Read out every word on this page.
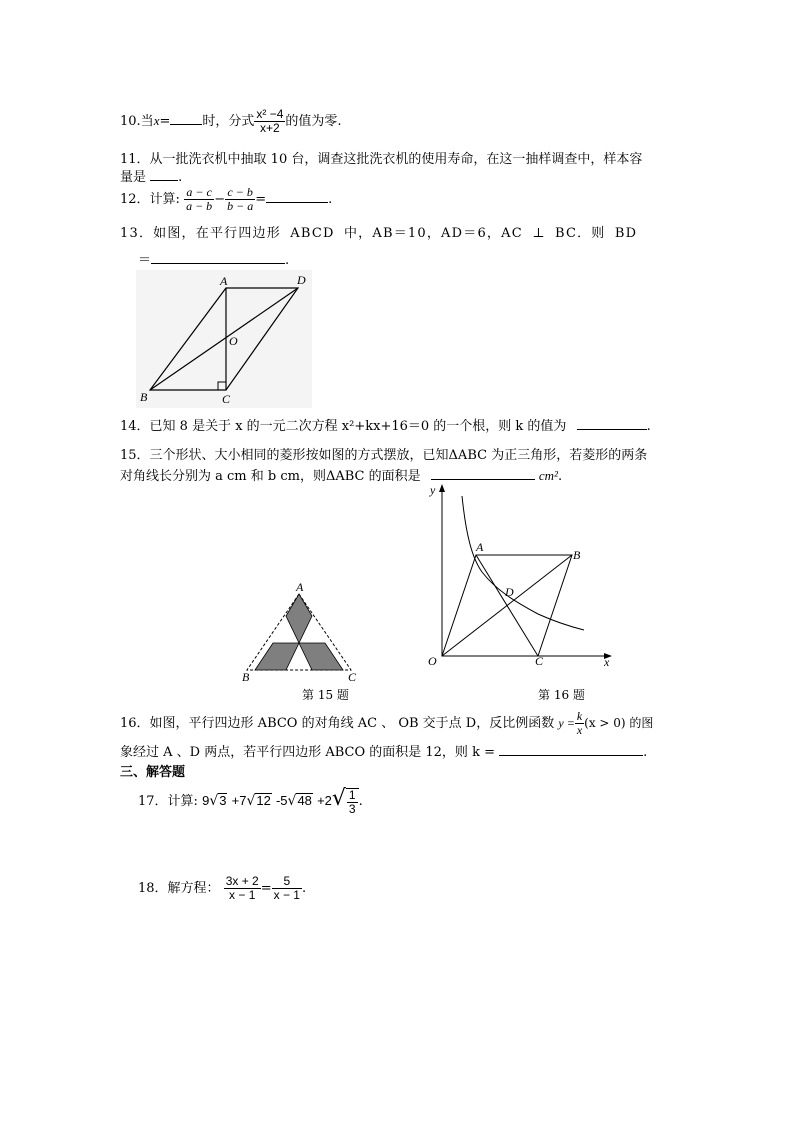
10.当x= 时，分式 $\frac{\text{x² −4}}{x+2}$ 的值为零.
11．从一批洗衣机中抽取 10 台，调查这批洗衣机的使用寿命，在这一抽样调查中，样本容
量是 .
12．计算: $\frac{a - c}{a - b} - \frac{c - b}{b - a}$ =	.
13．如图，在平行四边形 ABCD 中，AB＝10，AD＝6，AC ⊥ BC．则 BD
＝	.
A	D
O
B	C
14．已知 8 是关于 x 的一元二次方程 x²+kx+16＝0 的一个根，则 k 的值为	.
15．三个形状、大小相同的菱形按如图的方式摆放，已知ΔABC 为正三角形，若菱形的两条
对角线长分别为 a cm 和 b cm，则ΔABC 的面积是	cm².
A
B	C
第 15 题
y
x
O
A
B
D
C
第 16 题
16．如图，平行四边形 ABCO 的对角线 AC 、 OB 交于点 D，反比例函数 $y = \frac{k}{x} (x > 0)$ 的图
象经过 A 、D 两点，若平行四边形 ABCO 的面积是 12，则 k =	.
三、解答题
17．计算: 9√3 +7√12 $-5√48 +2√ \frac{1}{3}$ .
18．解方程： $\frac{3x + 2}{x - 1} = \frac{5}{x - 1}$ .
